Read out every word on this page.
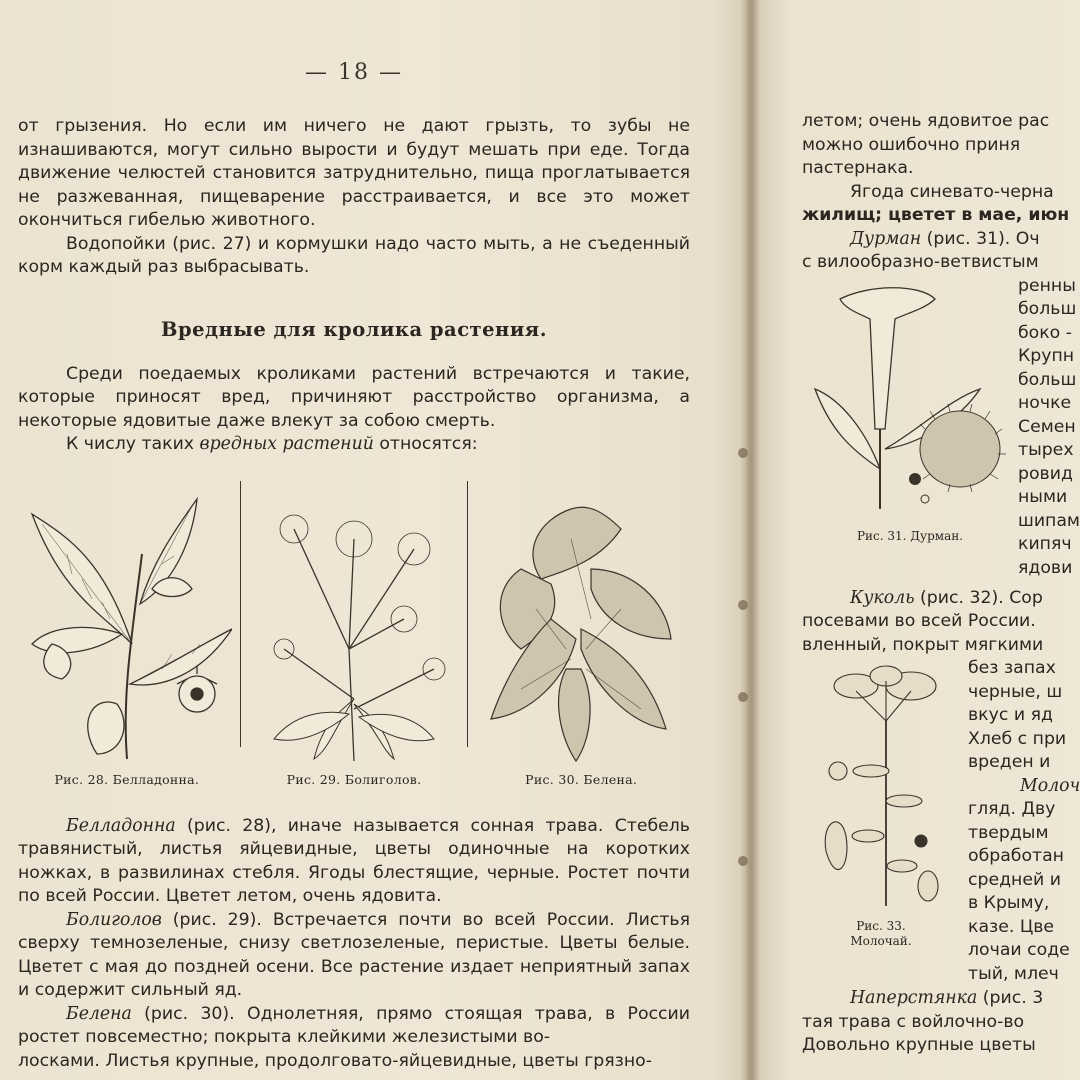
— 18 —

от грызения. Но если им ничего не дают грызть, то зубы не изнашиваются, могут сильно вырости и будут мешать при еде. Тогда движение челюстей становится затруднительно, пища проглатывается не разжеванная, пищеварение расстраивается, и все это может окончиться гибелью животного.

Водопойки (рис. 27) и кормушки надо часто мыть, а не съеденный корм каждый раз выбрасывать.

Вредные для кролика растения.

Среди поедаемых кроликами растений встречаются и такие, которые приносят вред, причиняют расстройство организма, а некоторые ядовитые даже влекут за собою смерть.

К числу таких вредных растений относятся:

Рис. 28. Белладонна.	Рис. 29. Болиголов.	Рис. 30. Белена.

Белладонна (рис. 28), иначе называется сонная трава. Стебель травянистый, листья яйцевидные, цветы одиночные на коротких ножках, в развилинах стебля. Ягоды блестящие, черные. Ростет почти по всей России. Цветет летом, очень ядовита.

Болиголов (рис. 29). Встречается почти во всей России. Листья сверху темнозеленые, снизу светлозеленые, перистые. Цветы белые. Цветет с мая до поздней осени. Все растение издает неприятный запах и содержит сильный яд.

Белена (рис. 30). Однолетняя, прямо стоящая трава, в России ростет повсеместно; покрыта клейкими железистыми во-

лосками. Листья крупные, продолговато-яйцевидные, цветы грязно-

летом; очень ядовитое рас

можно ошибочно приня

пастернака.

Ягода синевато-черна

жилищ; цветет в мае, июн

Дурман (рис. 31). Оч

с вилообразно-ветвистым

Рис. 31. Дурман.

ренны

больш

боко -

Крупн

больш

ночке

Семен

тырех

ровид

ными

шипам

кипяч

ядови

Куколь (рис. 32). Сор

посевами во всей России.

вленный, покрыт мягкими

Рис. 33.
Молочай.

без запах

черные, ш

вкус и яд

Хлеб с при

вреден и

Молоч

гляд. Дву

твердым

обработан

средней и

в Крыму,

казе. Цве

лочаи соде

тый, млеч

Наперстянка (рис. 3

тая трава с войлочно-во

Довольно крупные цветы
